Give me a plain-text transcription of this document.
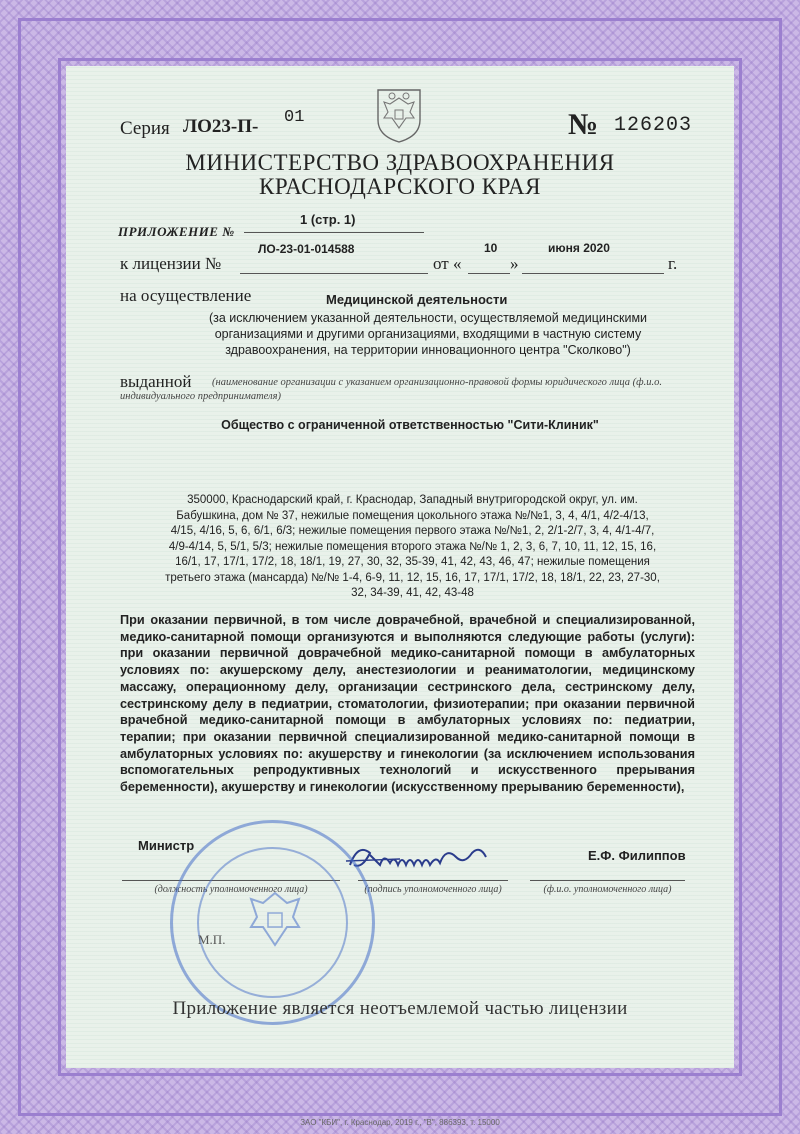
Серия ЛО23-П- 01	№ 126203
МИНИСТЕРСТВО ЗДРАВООХРАНЕНИЯ
КРАСНОДАРСКОГО КРАЯ
ПРИЛОЖЕНИЕ №
1 (стр. 1)
к лицензии №
ЛО-23-01-014588
от «
10
»
июня 2020
г.
на осуществление	Медицинской деятельности
(за исключением указанной деятельности, осуществляемой медицинскими организациями и другими организациями, входящими в частную систему здравоохранения, на территории инновационного центра "Сколково")
выданной	(наименование организации с указанием организационно-правовой формы юридического лица (ф.и.о. индивидуального предпринимателя)
Общество с ограниченной ответственностью "Сити-Клиник"
350000, Краснодарский край, г. Краснодар, Западный внутригородской округ, ул. им. Бабушкина, дом № 37, нежилые помещения цокольного этажа №/№1, 3, 4, 4/1, 4/2-4/13, 4/15, 4/16, 5, 6, 6/1, 6/3; нежилые помещения первого этажа №/№1, 2, 2/1-2/7, 3, 4, 4/1-4/7, 4/9-4/14, 5, 5/1, 5/3; нежилые помещения второго этажа №/№ 1, 2, 3, 6, 7, 10, 11, 12, 15, 16, 16/1, 17, 17/1, 17/2, 18, 18/1, 19, 27, 30, 32, 35-39, 41, 42, 43, 46, 47; нежилые помещения третьего этажа (мансарда) №/№ 1-4, 6-9, 11, 12, 15, 16, 17, 17/1, 17/2, 18, 18/1, 22, 23, 27-30, 32, 34-39, 41, 42, 43-48
При оказании первичной, в том числе доврачебной, врачебной и специализированной, медико-санитарной помощи организуются и выполняются следующие работы (услуги): при оказании первичной доврачебной медико-санитарной помощи в амбулаторных условиях по: акушерскому делу, анестезиологии и реаниматологии, медицинскому массажу, операционному делу, организации сестринского дела, сестринскому делу, сестринскому делу в педиатрии, стоматологии, физиотерапии; при оказании первичной врачебной медико-санитарной помощи в амбулаторных условиях по: педиатрии, терапии; при оказании первичной специализированной медико-санитарной помощи в амбулаторных условиях по: акушерству и гинекологии (за исключением использования вспомогательных репродуктивных технологий и искусственного прерывания беременности), акушерству и гинекологии (искусственному прерыванию беременности),
Министр
Е.Ф. Филиппов
(должность уполномоченного лица)	(подпись уполномоченного лица)	(ф.и.о. уполномоченного лица)
М.П.
Приложение является неотъемлемой частью лицензии
ЗАО "КБИ", г. Краснодар, 2019 г., "В", 886393, т. 15000
